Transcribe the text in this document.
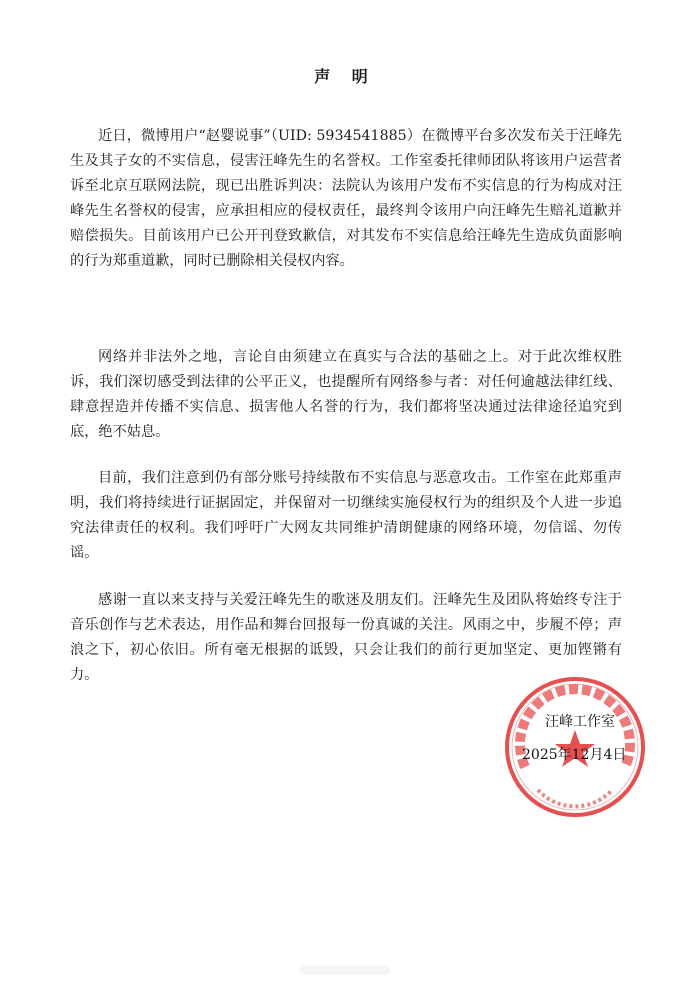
声 明

近日，微博用户“赵婴说事”（UID: 5934541885）在微博平台多次发布关于汪峰先生及其子女的不实信息，侵害汪峰先生的名誉权。工作室委托律师团队将该用户运营者诉至北京互联网法院，现已出胜诉判决：法院认为该用户发布不实信息的行为构成对汪峰先生名誉权的侵害，应承担相应的侵权责任，最终判令该用户向汪峰先生赔礼道歉并赔偿损失。目前该用户已公开刊登致歉信，对其发布不实信息给汪峰先生造成负面影响的行为郑重道歉，同时已删除相关侵权内容。

网络并非法外之地，言论自由须建立在真实与合法的基础之上。对于此次维权胜诉，我们深切感受到法律的公平正义，也提醒所有网络参与者：对任何逾越法律红线、肆意捏造并传播不实信息、损害他人名誉的行为，我们都将坚决通过法律途径追究到底，绝不姑息。

目前，我们注意到仍有部分账号持续散布不实信息与恶意攻击。工作室在此郑重声明，我们将持续进行证据固定，并保留对一切继续实施侵权行为的组织及个人进一步追究法律责任的权利。我们呼吁广大网友共同维护清朗健康的网络环境，勿信谣、勿传谣。

感谢一直以来支持与关爱汪峰先生的歌迷及朋友们。汪峰先生及团队将始终专注于音乐创作与艺术表达，用作品和舞台回报每一份真诚的关注。风雨之中，步履不停；声浪之下，初心依旧。所有毫无根据的诋毁，只会让我们的前行更加坚定、更加铿锵有力。

汪峰工作室
2025年12月4日
